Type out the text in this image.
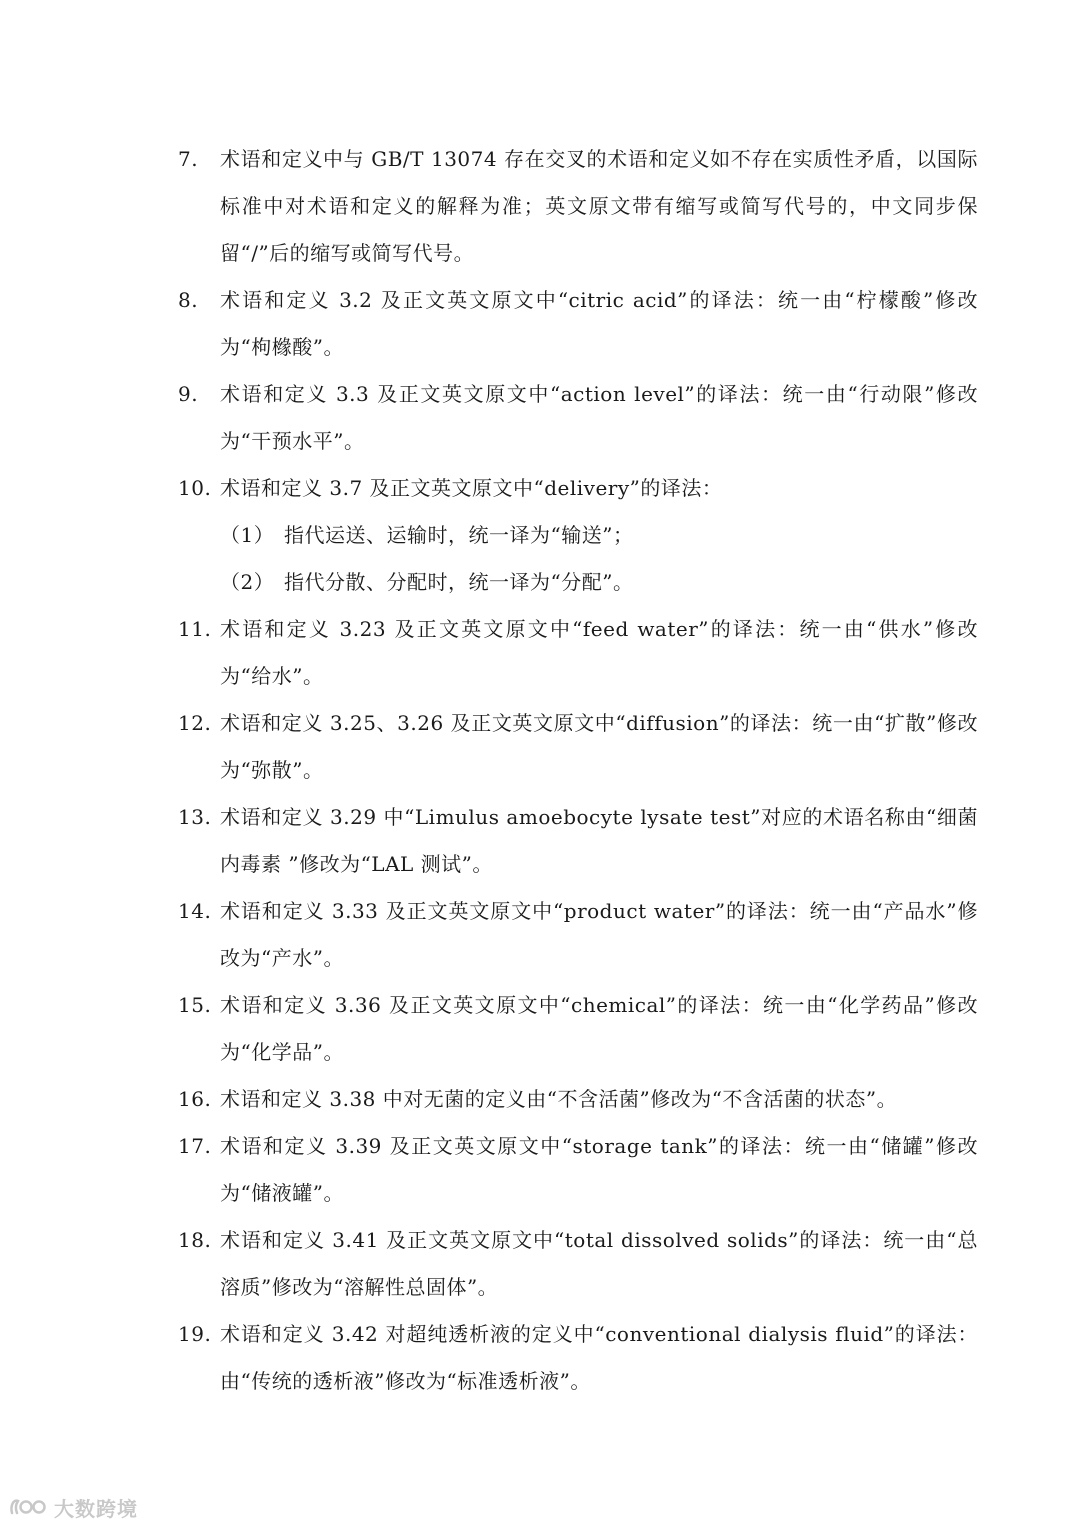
7.	术语和定义中与 GB/T 13074 存在交叉的术语和定义如不存在实质性矛盾，以国际标准中对术语和定义的解释为准；英文原文带有缩写或简写代号的，中文同步保留“/”后的缩写或简写代号。
8.	术语和定义 3.2 及正文英文原文中“citric acid”的译法：统一由“柠檬酸”修改为“枸橼酸”。
9.	术语和定义 3.3 及正文英文原文中“action level”的译法：统一由“行动限”修改为“干预水平”。
10. 术语和定义 3.7 及正文英文原文中“delivery”的译法：
（1） 指代运送、运输时，统一译为“输送”；
（2） 指代分散、分配时，统一译为“分配”。
11. 术语和定义 3.23 及正文英文原文中“feed water”的译法：统一由“供水”修改为“给水”。
12. 术语和定义 3.25、3.26 及正文英文原文中“diffusion”的译法：统一由“扩散”修改为“弥散”。
13. 术语和定义 3.29 中“Limulus amoebocyte lysate test”对应的术语名称由“细菌内毒素 ”修改为“LAL 测试”。
14. 术语和定义 3.33 及正文英文原文中“product water”的译法：统一由“产品水”修改为“产水”。
15. 术语和定义 3.36 及正文英文原文中“chemical”的译法：统一由“化学药品”修改为“化学品”。
16. 术语和定义 3.38 中对无菌的定义由“不含活菌”修改为“不含活菌的状态”。
17. 术语和定义 3.39 及正文英文原文中“storage tank”的译法：统一由“储罐”修改为“储液罐”。
18. 术语和定义 3.41 及正文英文原文中“total dissolved solids”的译法：统一由“总溶质”修改为“溶解性总固体”。
19. 术语和定义 3.42 对超纯透析液的定义中“conventional dialysis fluid”的译法：由“传统的透析液”修改为“标准透析液”。
大数跨境
